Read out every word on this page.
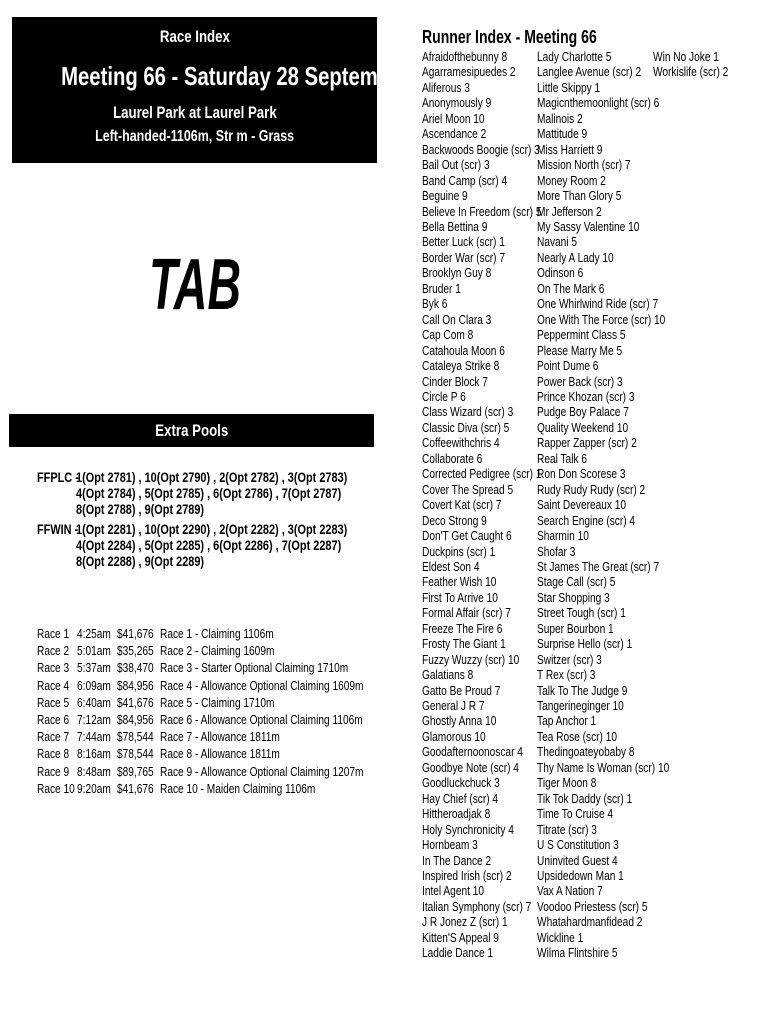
Race Index
Meeting 66 - Saturday 28 September
Laurel Park at Laurel Park
Left-handed-1106m, Str m - Grass
TAB
Extra Pools
FFPLC -
1(Opt 2781) , 10(Opt 2790) , 2(Opt 2782) , 3(Opt 2783)
4(Opt 2784) , 5(Opt 2785) , 6(Opt 2786) , 7(Opt 2787)
8(Opt 2788) , 9(Opt 2789)
FFWIN -
1(Opt 2281) , 10(Opt 2290) , 2(Opt 2282) , 3(Opt 2283)
4(Opt 2284) , 5(Opt 2285) , 6(Opt 2286) , 7(Opt 2287)
8(Opt 2288) , 9(Opt 2289)
Race 1 4:25am $41,676 Race 1 - Claiming 1106m
Race 2 5:01am $35,265 Race 2 - Claiming 1609m
Race 3 5:37am $38,470 Race 3 - Starter Optional Claiming 1710m
Race 4 6:09am $84,956 Race 4 - Allowance Optional Claiming 1609m
Race 5 6:40am $41,676 Race 5 - Claiming 1710m
Race 6 7:12am $84,956 Race 6 - Allowance Optional Claiming 1106m
Race 7 7:44am $78,544 Race 7 - Allowance 1811m
Race 8 8:16am $78,544 Race 8 - Allowance 1811m
Race 9 8:48am $89,765 Race 9 - Allowance Optional Claiming 1207m
Race 10 9:20am $41,676 Race 10 - Maiden Claiming 1106m
Runner Index - Meeting 66
Afraidofthebunny 8
Agarramesipuedes 2
Aliferous 3
Anonymously 9
Ariel Moon 10
Ascendance 2
Backwoods Boogie (scr) 3
Bail Out (scr) 3
Band Camp (scr) 4
Beguine 9
Believe In Freedom (scr) 5
Bella Bettina 9
Better Luck (scr) 1
Border War (scr) 7
Brooklyn Guy 8
Bruder 1
Byk 6
Call On Clara 3
Cap Com 8
Catahoula Moon 6
Cataleya Strike 8
Cinder Block 7
Circle P 6
Class Wizard (scr) 3
Classic Diva (scr) 5
Coffeewithchris 4
Collaborate 6
Corrected Pedigree (scr) 1
Cover The Spread 5
Covert Kat (scr) 7
Deco Strong 9
Don'T Get Caught 6
Duckpins (scr) 1
Eldest Son 4
Feather Wish 10
First To Arrive 10
Formal Affair (scr) 7
Freeze The Fire 6
Frosty The Giant 1
Fuzzy Wuzzy (scr) 10
Galatians 8
Gatto Be Proud 7
General J R 7
Ghostly Anna 10
Glamorous 10
Goodafternoonoscar 4
Goodbye Note (scr) 4
Goodluckchuck 3
Hay Chief (scr) 4
Hittheroadjak 8
Holy Synchronicity 4
Hornbeam 3
In The Dance 2
Inspired Irish (scr) 2
Intel Agent 10
Italian Symphony (scr) 7
J R Jonez Z (scr) 1
Kitten'S Appeal 9
Laddie Dance 1
Lady Charlotte 5
Langlee Avenue (scr) 2
Little Skippy 1
Magicnthemoonlight (scr) 6
Malinois 2
Mattitude 9
Miss Harriett 9
Mission North (scr) 7
Money Room 2
More Than Glory 5
Mr Jefferson 2
My Sassy Valentine 10
Navani 5
Nearly A Lady 10
Odinson 6
On The Mark 6
One Whirlwind Ride (scr) 7
One With The Force (scr) 10
Peppermint Class 5
Please Marry Me 5
Point Dume 6
Power Back (scr) 3
Prince Khozan (scr) 3
Pudge Boy Palace 7
Quality Weekend 10
Rapper Zapper (scr) 2
Real Talk 6
Ron Don Scorese 3
Rudy Rudy Rudy (scr) 2
Saint Devereaux 10
Search Engine (scr) 4
Sharmin 10
Shofar 3
St James The Great (scr) 7
Stage Call (scr) 5
Star Shopping 3
Street Tough (scr) 1
Super Bourbon 1
Surprise Hello (scr) 1
Switzer (scr) 3
T Rex (scr) 3
Talk To The Judge 9
Tangerineginger 10
Tap Anchor 1
Tea Rose (scr) 10
Thedingoateyobaby 8
Thy Name Is Woman (scr) 10
Tiger Moon 8
Tik Tok Daddy (scr) 1
Time To Cruise 4
Titrate (scr) 3
U S Constitution 3
Uninvited Guest 4
Upsidedown Man 1
Vax A Nation 7
Voodoo Priestess (scr) 5
Whatahardmanfidead 2
Wickline 1
Wilma Flintshire 5
Win No Joke 1
Workislife (scr) 2
